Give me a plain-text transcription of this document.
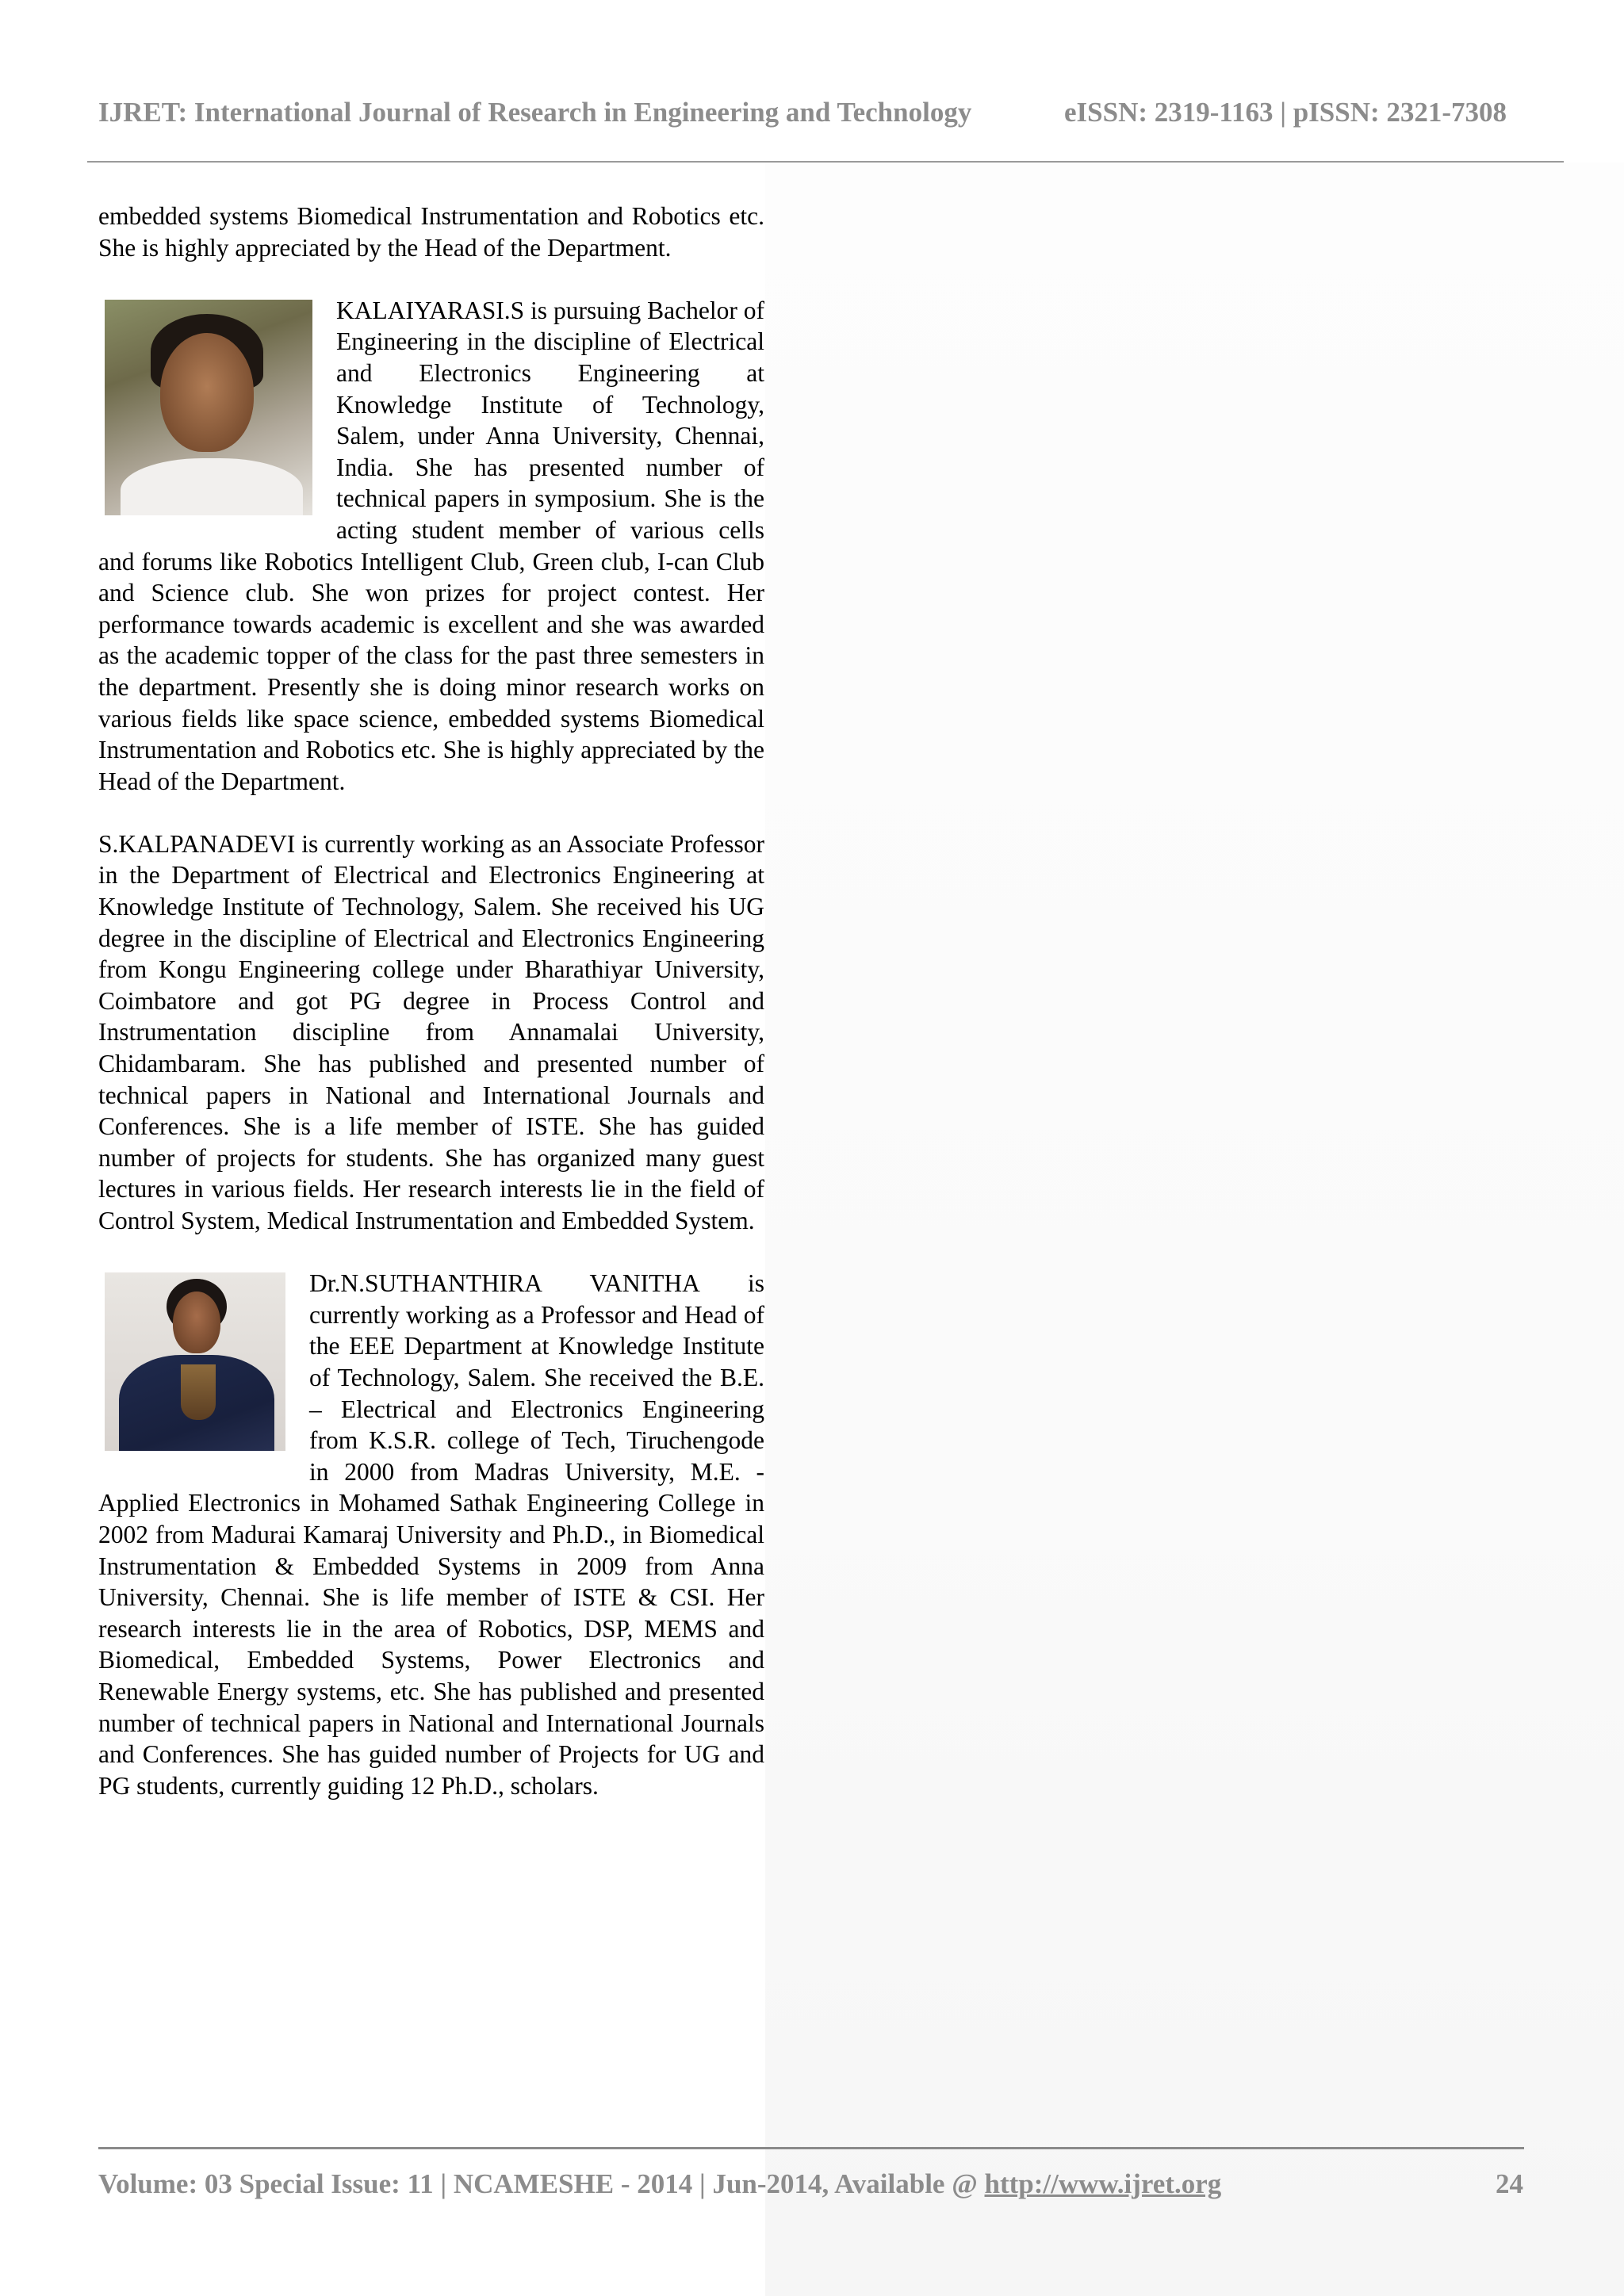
IJRET: International Journal of Research in Engineering and Technology	eISSN: 2319-1163 | pISSN: 2321-7308

embedded systems Biomedical Instrumentation and Robotics etc. She is highly appreciated by the Head of the Department.

KALAIYARASI.S is pursuing Bachelor of Engineering in the discipline of Electrical and Electronics Engineering at Knowledge Institute of Technology, Salem, under Anna University, Chennai, India. She has presented number of technical papers in symposium. She is the acting student member of various cells and forums like Robotics Intelligent Club, Green club, I-can Club and Science club. She won prizes for project contest. Her performance towards academic is excellent and she was awarded as the academic topper of the class for the past three semesters in the department. Presently she is doing minor research works on various fields like space science, embedded systems Biomedical Instrumentation and Robotics etc. She is highly appreciated by the Head of the Department.

S.KALPANADEVI is currently working as an Associate Professor in the Department of Electrical and Electronics Engineering at Knowledge Institute of Technology, Salem. She received his UG degree in the discipline of Electrical and Electronics Engineering from Kongu Engineering college under Bharathiyar University, Coimbatore and got PG degree in Process Control and Instrumentation discipline from Annamalai University, Chidambaram. She has published and presented number of technical papers in National and International Journals and Conferences. She is a life member of ISTE. She has guided number of projects for students. She has organized many guest lectures in various fields. Her research interests lie in the field of Control System, Medical Instrumentation and Embedded System.

Dr.N.SUTHANTHIRA VANITHA is currently working as a Professor and Head of the EEE Department at Knowledge Institute of Technology, Salem. She received the B.E. – Electrical and Electronics Engineering from K.S.R. college of Tech, Tiruchengode in 2000 from Madras University, M.E. - Applied Electronics in Mohamed Sathak Engineering College in 2002 from Madurai Kamaraj University and Ph.D., in Biomedical Instrumentation & Embedded Systems in 2009 from Anna University, Chennai. She is life member of ISTE & CSI. Her research interests lie in the area of Robotics, DSP, MEMS and Biomedical, Embedded Systems, Power Electronics and Renewable Energy systems, etc. She has published and presented number of technical papers in National and International Journals and Conferences. She has guided number of Projects for UG and PG students, currently guiding 12 Ph.D., scholars.
Volume: 03 Special Issue: 11 | NCAMESHE - 2014 | Jun-2014, Available @ http://www.ijret.org	24
